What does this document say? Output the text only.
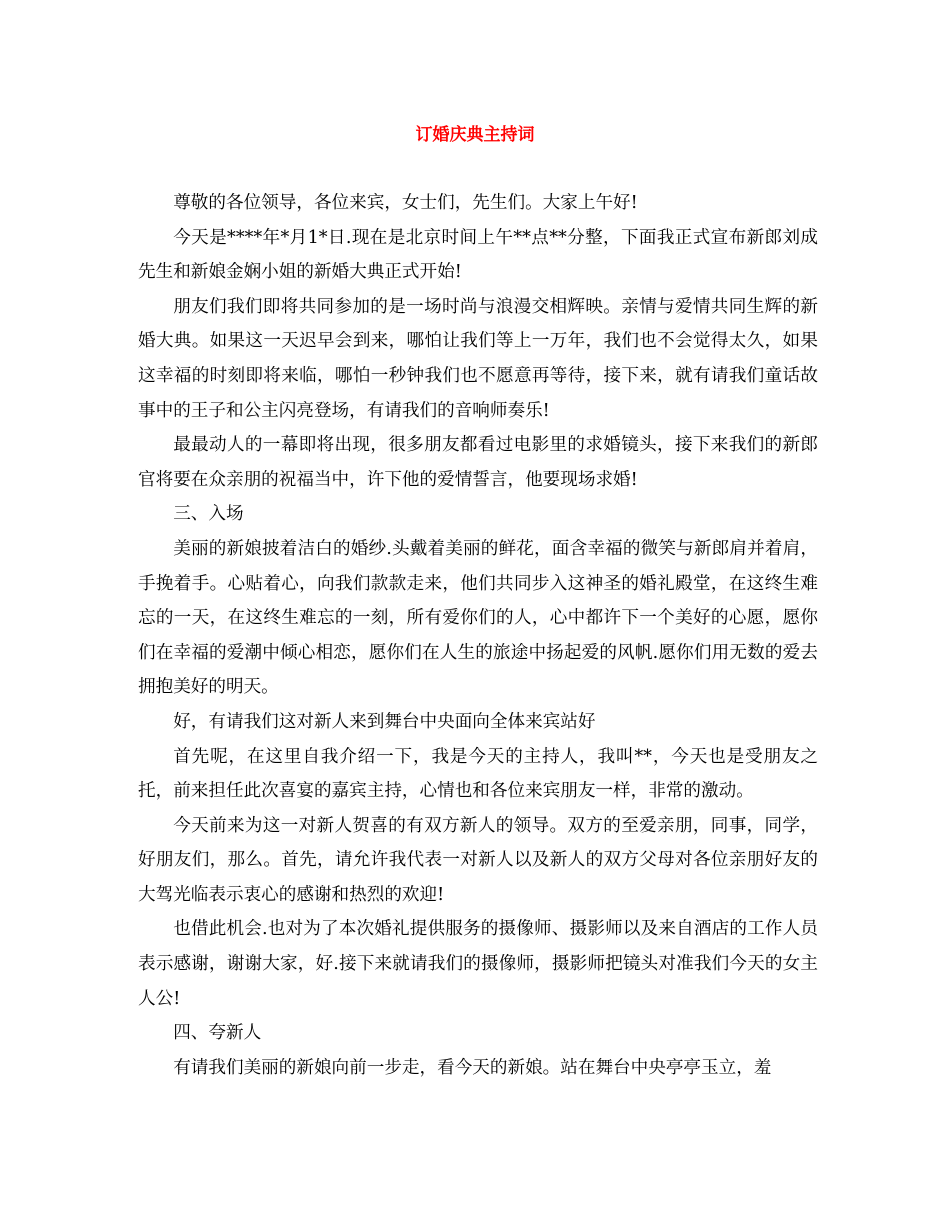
订婚庆典主持词

尊敬的各位领导，各位来宾，女士们，先生们。大家上午好!

今天是****年*月1*日.现在是北京时间上午**点**分整，下面我正式宣布新郎刘成先生和新娘金娴小姐的新婚大典正式开始!

朋友们我们即将共同参加的是一场时尚与浪漫交相辉映。亲情与爱情共同生辉的新婚大典。如果这一天迟早会到来，哪怕让我们等上一万年，我们也不会觉得太久，如果这幸福的时刻即将来临，哪怕一秒钟我们也不愿意再等待，接下来，就有请我们童话故事中的王子和公主闪亮登场，有请我们的音响师奏乐!

最最动人的一幕即将出现，很多朋友都看过电影里的求婚镜头，接下来我们的新郎官将要在众亲朋的祝福当中，许下他的爱情誓言，他要现场求婚!

三、入场

美丽的新娘披着洁白的婚纱.头戴着美丽的鲜花，面含幸福的微笑与新郎肩并着肩，手挽着手。心贴着心，向我们款款走来，他们共同步入这神圣的婚礼殿堂，在这终生难忘的一天，在这终生难忘的一刻，所有爱你们的人，心中都许下一个美好的心愿，愿你们在幸福的爱潮中倾心相恋，愿你们在人生的旅途中扬起爱的风帆.愿你们用无数的爱去拥抱美好的明天。

好，有请我们这对新人来到舞台中央面向全体来宾站好

首先呢，在这里自我介绍一下，我是今天的主持人，我叫**，今天也是受朋友之托，前来担任此次喜宴的嘉宾主持，心情也和各位来宾朋友一样，非常的激动。

今天前来为这一对新人贺喜的有双方新人的领导。双方的至爱亲朋，同事，同学，好朋友们，那么。首先，请允许我代表一对新人以及新人的双方父母对各位亲朋好友的大驾光临表示衷心的感谢和热烈的欢迎!

也借此机会.也对为了本次婚礼提供服务的摄像师、摄影师以及来自酒店的工作人员表示感谢，谢谢大家，好.接下来就请我们的摄像师，摄影师把镜头对准我们今天的女主人公!

四、夸新人

有请我们美丽的新娘向前一步走，看今天的新娘。站在舞台中央亭亭玉立，羞
